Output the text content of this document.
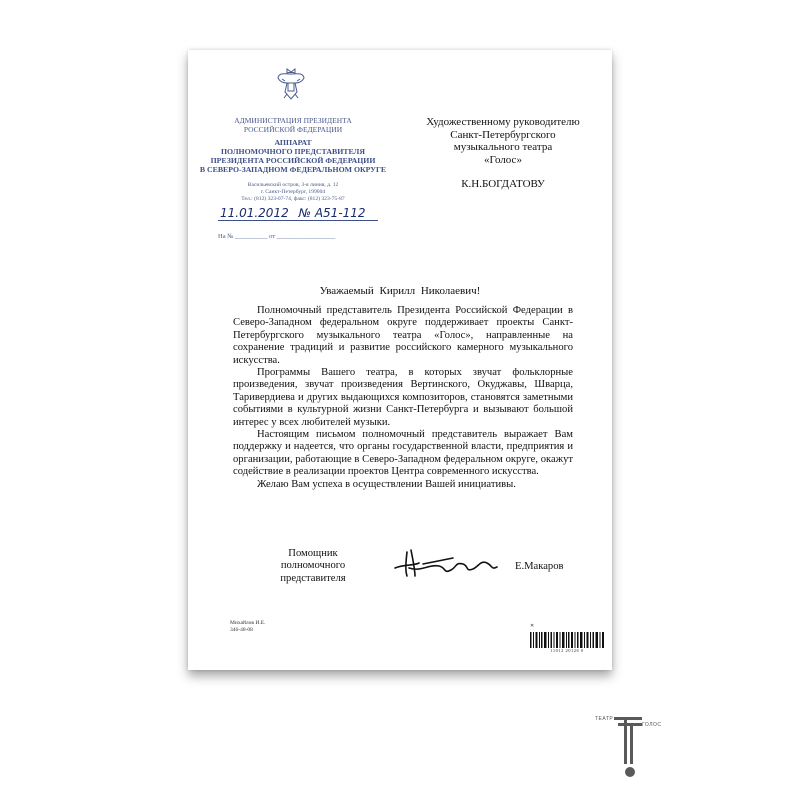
АДМИНИСТРАЦИЯ ПРЕЗИДЕНТА
РОССИЙСКОЙ ФЕДЕРАЦИИ
АППАРАТ
ПОЛНОМОЧНОГО ПРЕДСТАВИТЕЛЯ
ПРЕЗИДЕНТА РОССИЙСКОЙ ФЕДЕРАЦИИ
В СЕВЕРО-ЗАПАДНОМ ФЕДЕРАЛЬНОМ ОКРУГЕ
Васильевский остров, 3-я линия, д. 12
г. Санкт-Петербург, 199004
Тел.: (812) 323-07-74, факс: (812) 323-75-87
11.01.2012 № А51-112
На № __________ от __________________
Художественному руководителю
Санкт-Петербургского
музыкального театра
«Голос»
К.Н.БОГДАТОВУ
Уважаемый Кирилл Николаевич!

Полномочный представитель Президента Российской Федерации в Северо-Западном федеральном округе поддерживает проекты Санкт-Петербургского музыкального театра «Голос», направленные на сохранение традиций и развитие российского камерного музыкального искусства.

Программы Вашего театра, в которых звучат фольклорные произведения, звучат произведения Вертинского, Окуджавы, Шварца, Таривердиева и других выдающихся композиторов, становятся заметными событиями в культурной жизни Санкт-Петербурга и вызывают большой интерес у всех любителей музыки.

Настоящим письмом полномочный представитель выражает Вам поддержку и надеется, что органы государственной власти, предприятия и организации, работающие в Северо-Западном федеральном округе, окажут содействие в реализации проектов Центра современного искусства.

Желаю Вам успеха в осуществлении Вашей инициативы.

Помощник
полномочного представителя
Е.Макаров
Михайлов И.Е.
346-48-08
✕
11012 20126 0
ТЕАТР
ГОЛОС
